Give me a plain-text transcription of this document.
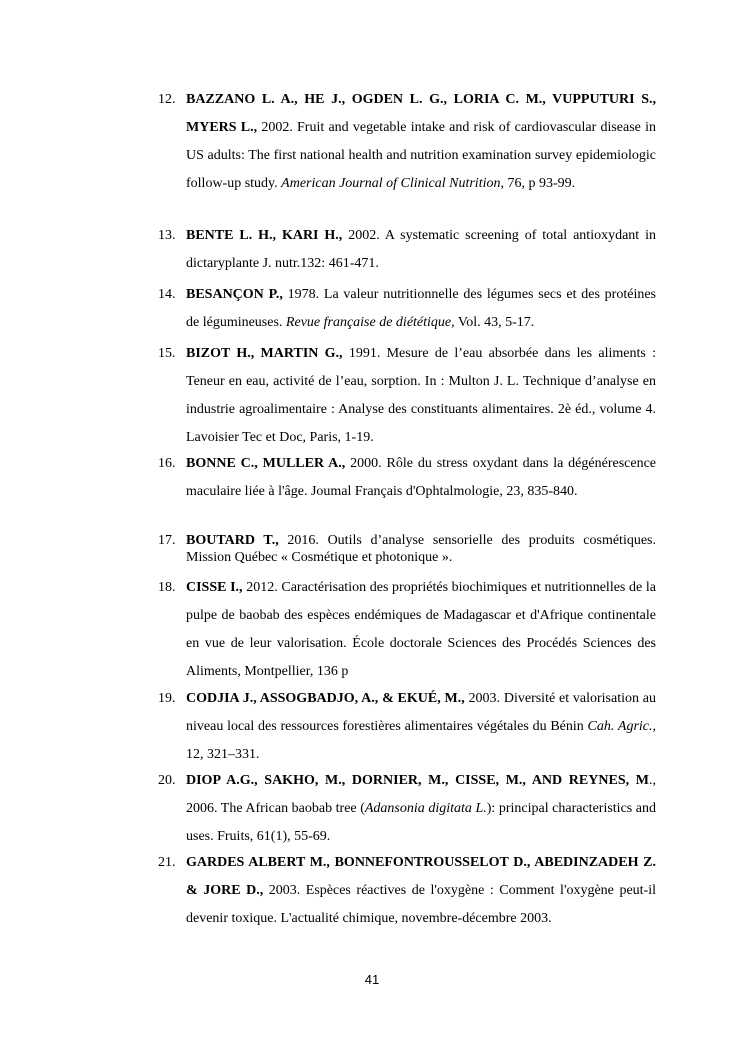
12. BAZZANO L. A., HE J., OGDEN L. G., LORIA C. M., VUPPUTURI S., MYERS L., 2002. Fruit and vegetable intake and risk of cardiovascular disease in US adults: The first national health and nutrition examination survey epidemiologic follow-up study. American Journal of Clinical Nutrition, 76, p 93-99.
13. BENTE L. H., KARI H., 2002. A systematic screening of total antioxydant in dictaryplante J. nutr.132: 461-471.
14. BESANÇON P., 1978. La valeur nutritionnelle des légumes secs et des protéines de légumineuses. Revue française de diététique, Vol. 43, 5-17.
15. BIZOT H., MARTIN G., 1991. Mesure de l’eau absorbée dans les aliments : Teneur en eau, activité de l’eau, sorption. In : Multon J. L. Technique d’analyse en industrie agroalimentaire : Analyse des constituants alimentaires. 2è éd., volume 4. Lavoisier Tec et Doc, Paris, 1-19.
16. BONNE C., MULLER A., 2000. Rôle du stress oxydant dans la dégénérescence maculaire liée à l'âge. Joumal Français d'Ophtalmologie, 23, 835-840.
17. BOUTARD T., 2016. Outils d’analyse sensorielle des produits cosmétiques. Mission Québec « Cosmétique et photonique ».
18. CISSE I., 2012. Caractérisation des propriétés biochimiques et nutritionnelles de la pulpe de baobab des espèces endémiques de Madagascar et d'Afrique continentale en vue de leur valorisation. École doctorale Sciences des Procédés Sciences des Aliments, Montpellier, 136 p
19. CODJIA J., ASSOGBADJO, A., & EKUÉ, M., 2003. Diversité et valorisation au niveau local des ressources forestières alimentaires végétales du Bénin Cah. Agric., 12, 321–331.
20. DIOP A.G., SAKHO, M., DORNIER, M., CISSE, M., AND REYNES, M., 2006. The African baobab tree (Adansonia digitata L.): principal characteristics and uses. Fruits, 61(1), 55-69.
21. GARDES ALBERT M., BONNEFONTROUSSELOT D., ABEDINZADEH Z. & JORE D., 2003. Espèces réactives de l'oxygène : Comment l'oxygène peut-il devenir toxique. L'actualité chimique, novembre-décembre 2003.
41
